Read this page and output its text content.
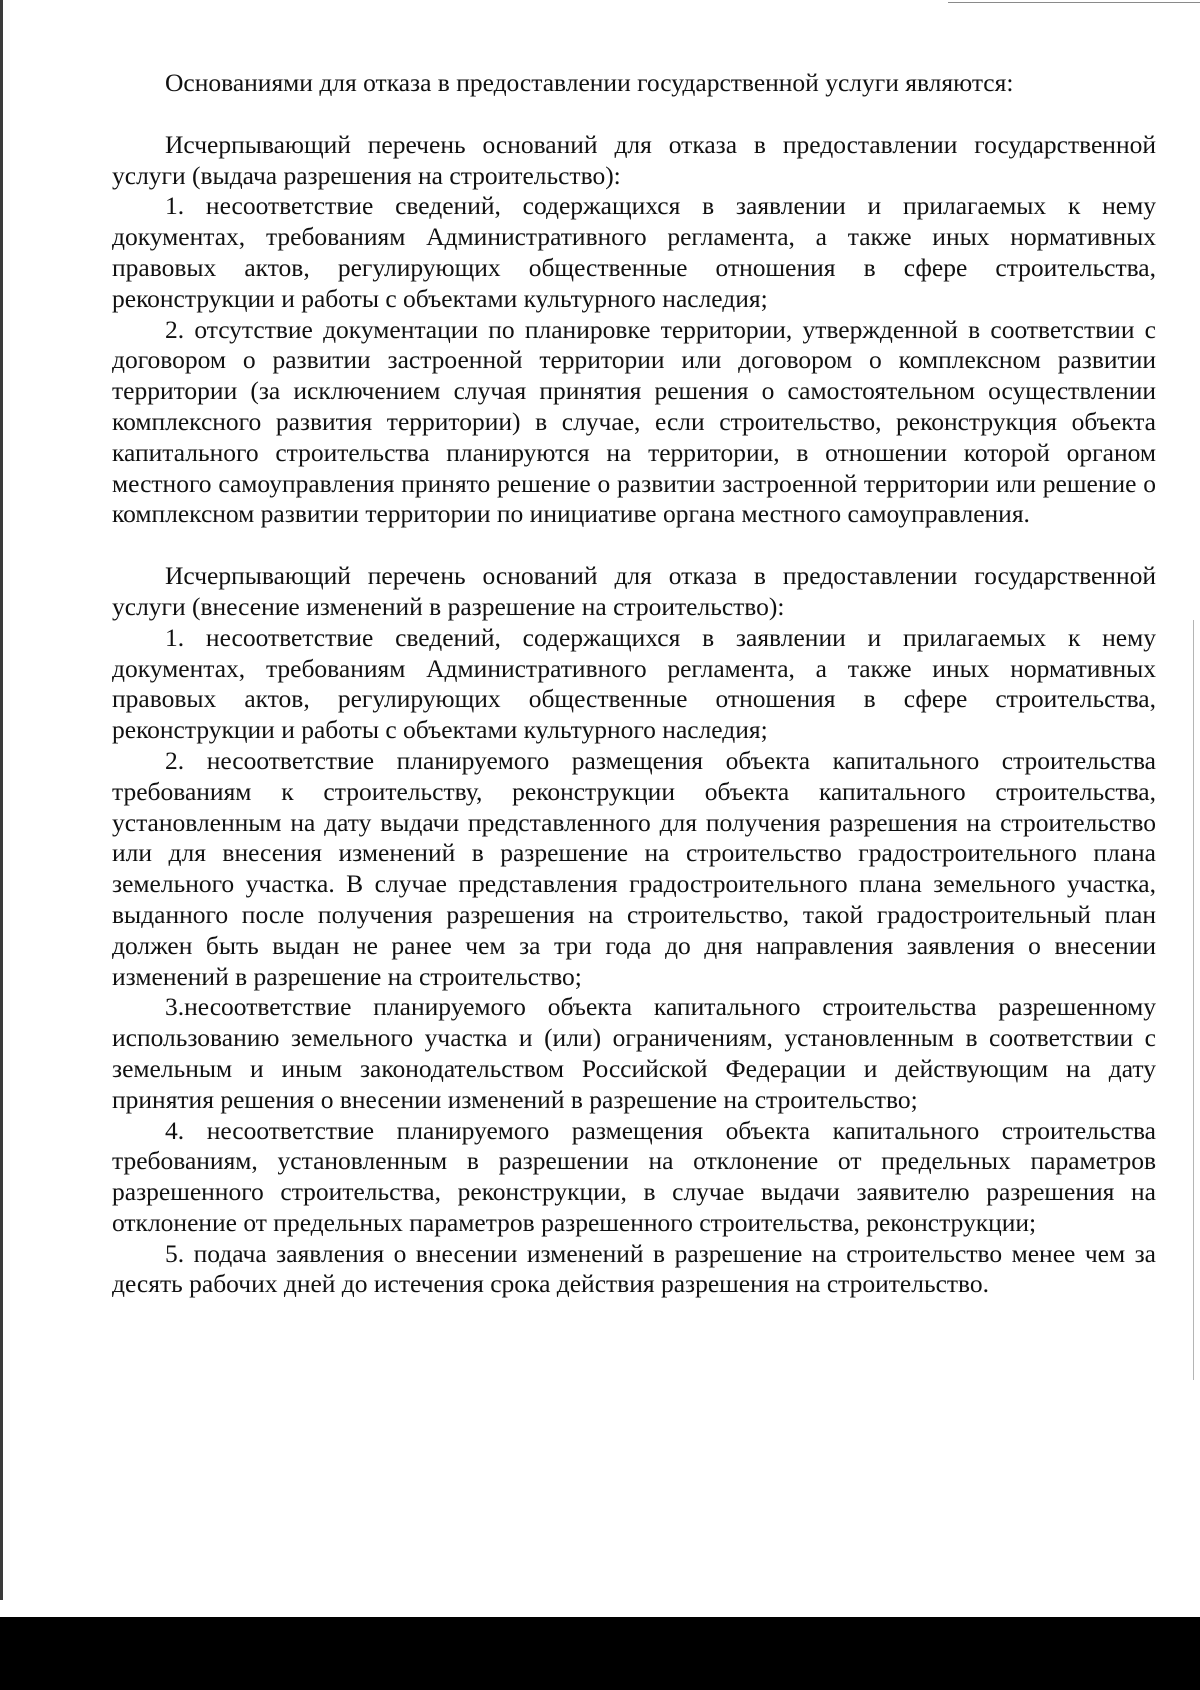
Основаниями для отказа в предоставлении государственной услуги являются:

Исчерпывающий перечень оснований для отказа в предоставлении государственной услуги (выдача разрешения на строительство):

1. несоответствие сведений, содержащихся в заявлении и прилагаемых к нему документах, требованиям Административного регламента, а также иных нормативных правовых актов, регулирующих общественные отношения в сфере строительства, реконструкции и работы с объектами культурного наследия;

2. отсутствие документации по планировке территории, утвержденной в соответствии с договором о развитии застроенной территории или договором о комплексном развитии территории (за исключением случая принятия решения о самостоятельном осуществлении комплексного развития территории) в случае, если строительство, реконструкция объекта капитального строительства планируются на территории, в отношении которой органом местного самоуправления принято решение о развитии застроенной территории или решение о комплексном развитии территории по инициативе органа местного самоуправления.

Исчерпывающий перечень оснований для отказа в предоставлении государственной услуги (внесение изменений в разрешение на строительство):

1. несоответствие сведений, содержащихся в заявлении и прилагаемых к нему документах, требованиям Административного регламента, а также иных нормативных правовых актов, регулирующих общественные отношения в сфере строительства, реконструкции и работы с объектами культурного наследия;

2. несоответствие планируемого размещения объекта капитального строительства требованиям к строительству, реконструкции объекта капитального строительства, установленным на дату выдачи представленного для получения разрешения на строительство или для внесения изменений в разрешение на строительство градостроительного плана земельного участка. В случае представления градостроительного плана земельного участка, выданного после получения разрешения на строительство, такой градостроительный план должен быть выдан не ранее чем за три года до дня направления заявления о внесении изменений в разрешение на строительство;

3.несоответствие планируемого объекта капитального строительства разрешенному использованию земельного участка и (или) ограничениям, установленным в соответствии с земельным и иным законодательством Российской Федерации и действующим на дату принятия решения о внесении изменений в разрешение на строительство;

4. несоответствие планируемого размещения объекта капитального строительства требованиям, установленным в разрешении на отклонение от предельных параметров разрешенного строительства, реконструкции, в случае выдачи заявителю разрешения на отклонение от предельных параметров разрешенного строительства, реконструкции;

5. подача заявления о внесении изменений в разрешение на строительство менее чем за десять рабочих дней до истечения срока действия разрешения на строительство.
